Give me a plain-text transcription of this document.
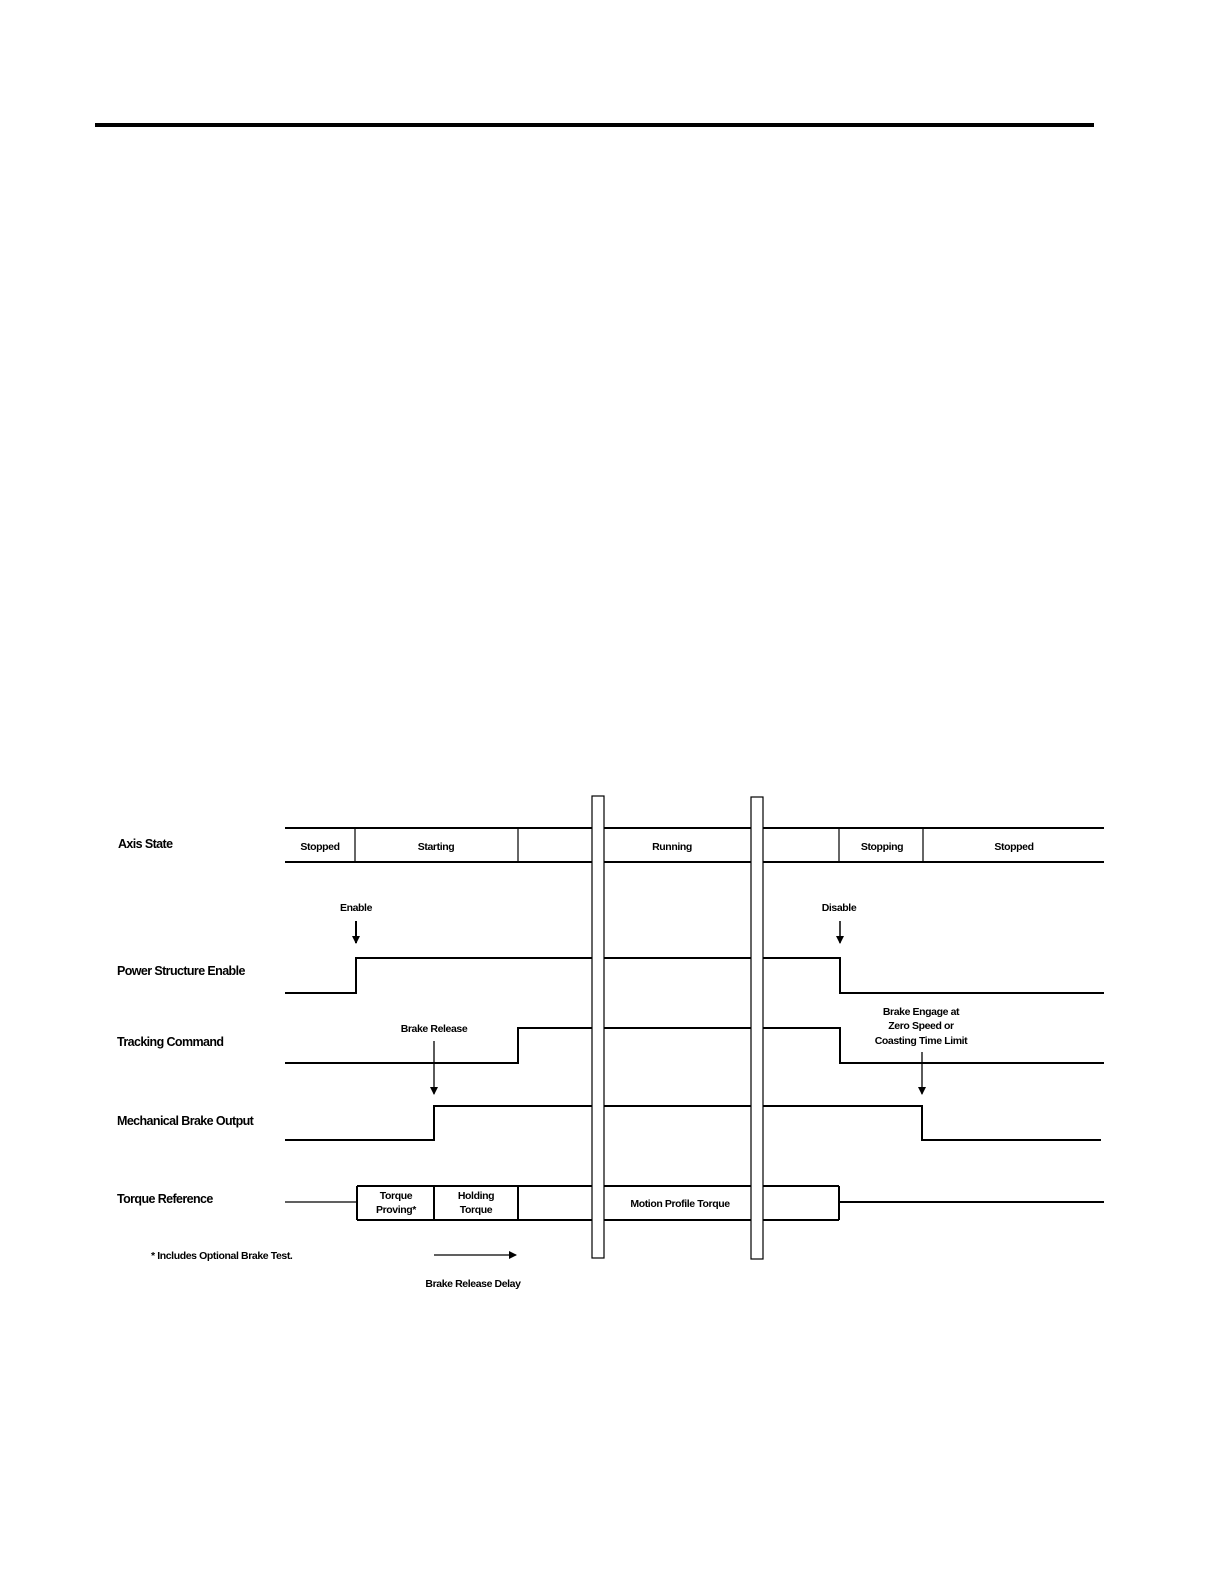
Axis State
Power Structure Enable
Tracking Command
Mechanical Brake Output
Torque Reference
Stopped	Starting	Running	Stopping	Stopped
Enable	Disable
Brake Release
Brake Engage at
Zero Speed or
Coasting Time Limit
Torque
Proving*
Holding
Torque	Motion Profile Torque
* Includes Optional Brake Test.
Brake Release Delay
